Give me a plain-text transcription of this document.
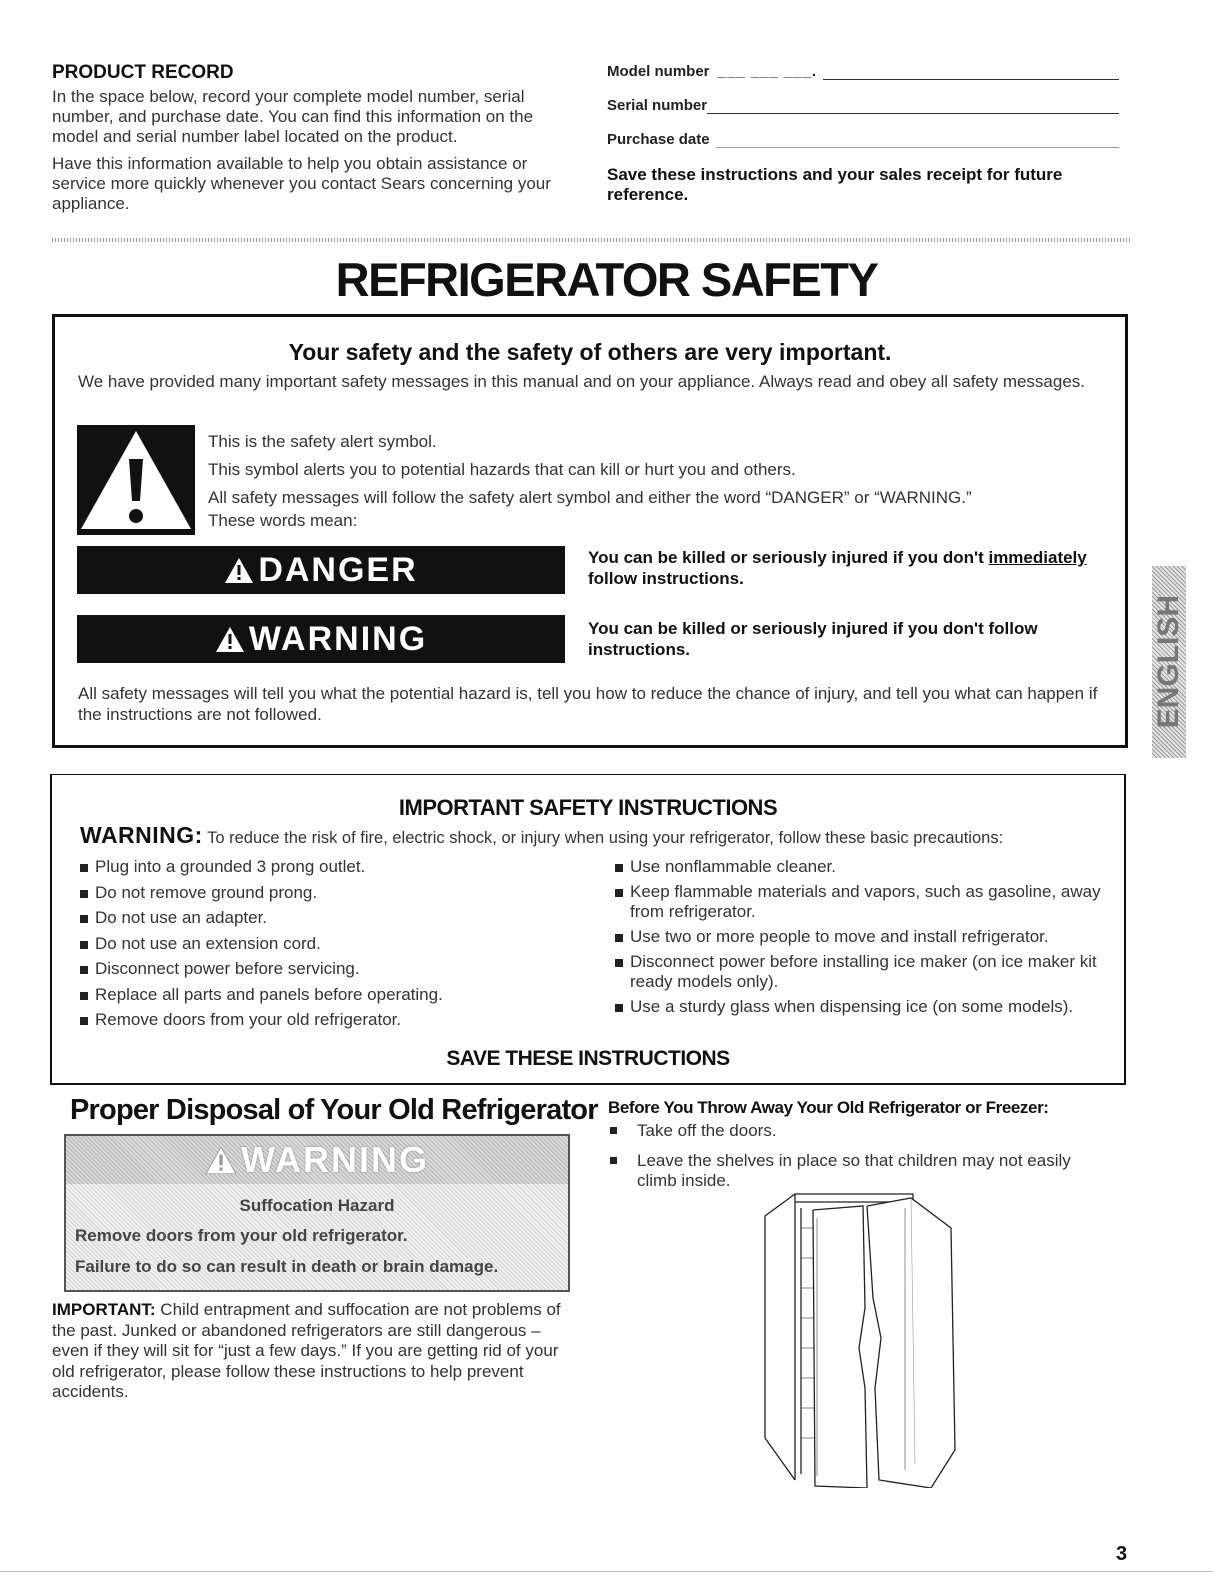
PRODUCT RECORD
In the space below, record your complete model number, serial number, and purchase date. You can find this information on the model and serial number label located on the product.
Have this information available to help you obtain assistance or service more quickly whenever you contact Sears concerning your appliance.
Model number ___ ___ ___.
Serial number
Purchase date
Save these instructions and your sales receipt for future reference.
REFRIGERATOR SAFETY
Your safety and the safety of others are very important.
We have provided many important safety messages in this manual and on your appliance. Always read and obey all safety messages.
This is the safety alert symbol.
This symbol alerts you to potential hazards that can kill or hurt you and others.
All safety messages will follow the safety alert symbol and either the word “DANGER” or “WARNING.”
These words mean:
DANGER	You can be killed or seriously injured if you don't immediately follow instructions.
WARNING	You can be killed or seriously injured if you don't follow instructions.
All safety messages will tell you what the potential hazard is, tell you how to reduce the chance of injury, and tell you what can happen if the instructions are not followed.	ENGLISH
IMPORTANT SAFETY INSTRUCTIONS
WARNING: To reduce the risk of fire, electric shock, or injury when using your refrigerator, follow these basic precautions:
Plug into a grounded 3 prong outlet.
Do not remove ground prong.
Do not use an adapter.
Do not use an extension cord.
Disconnect power before servicing.
Replace all parts and panels before operating.
Remove doors from your old refrigerator.
Use nonflammable cleaner.
Keep flammable materials and vapors, such as gasoline, away from refrigerator.
Use two or more people to move and install refrigerator.
Disconnect power before installing ice maker (on ice maker kit ready models only).
Use a sturdy glass when dispensing ice (on some models).
SAVE THESE INSTRUCTIONS
Proper Disposal of Your Old Refrigerator
WARNING
Suffocation Hazard
Remove doors from your old refrigerator.
Failure to do so can result in death or brain damage.
IMPORTANT: Child entrapment and suffocation are not problems of the past. Junked or abandoned refrigerators are still dangerous – even if they will sit for “just a few days.” If you are getting rid of your old refrigerator, please follow these instructions to help prevent accidents.
Before You Throw Away Your Old Refrigerator or Freezer:
Take off the doors.
Leave the shelves in place so that children may not easily climb inside.
3
